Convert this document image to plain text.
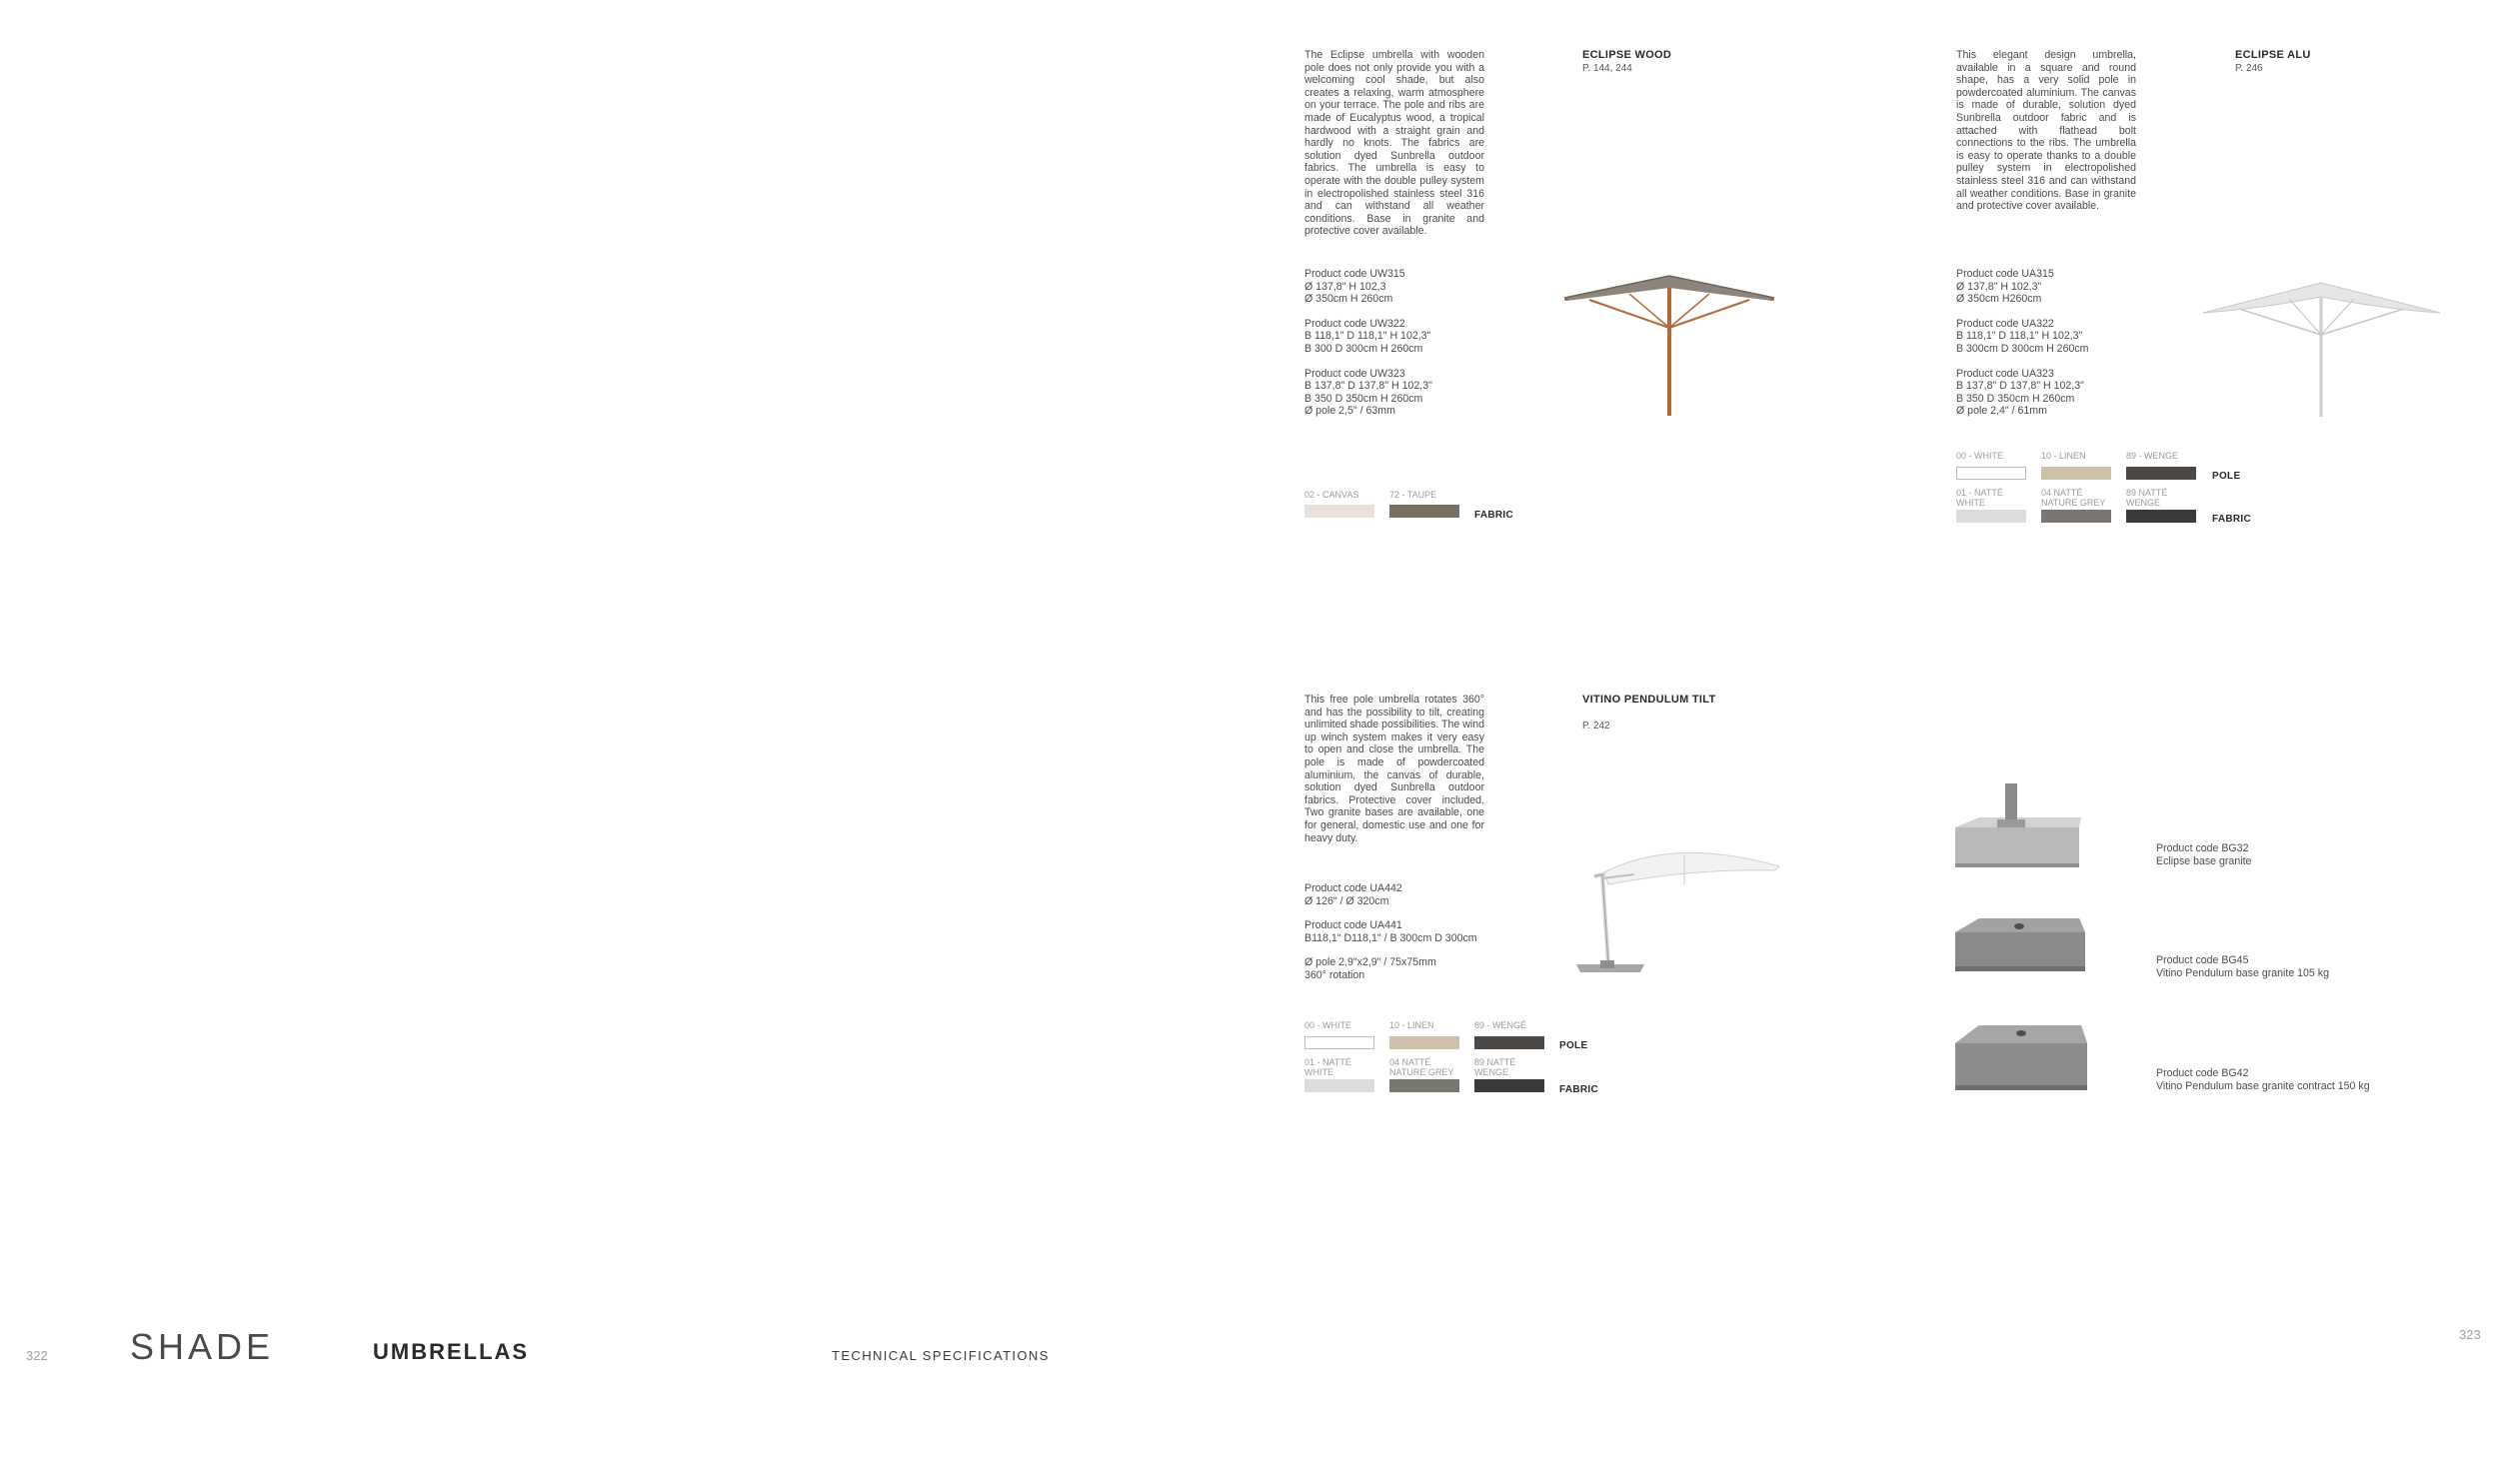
The Eclipse umbrella with wooden pole does not only provide you with a welcoming cool shade, but also creates a relaxing, warm atmosphere on your terrace. The pole and ribs are made of Eucalyptus wood, a tropical hardwood with a straight grain and hardly no knots. The fabrics are solution dyed Sunbrella outdoor fabrics. The umbrella is easy to operate with the double pulley system in electropolished stainless steel 316 and can withstand all weather conditions. Base in granite and protective cover available.
ECLIPSE WOOD
P. 144, 244
Product code UW315
Ø 137,8" H 102,3
Ø 350cm H 260cm
Product code UW322
B 118,1" D 118,1" H 102,3"
B 300 D 300cm H 260cm
Product code UW323
B 137,8" D 137,8" H 102,3"
B 350 D 350cm H 260cm
Ø pole 2,5" / 63mm
02 - CANVAS	72 - TAUPE
FABRIC
This elegant design umbrella, available in a square and round shape, has a very solid pole in powdercoated aluminium. The canvas is made of durable, solution dyed Sunbrella outdoor fabric and is attached with flathead bolt connections to the ribs. The umbrella is easy to operate thanks to a double pulley system in electropolished stainless steel 316 and can withstand all weather conditions. Base in granite and protective cover available.
ECLIPSE ALU
P. 246
Product code UA315
Ø 137,8" H 102,3"
Ø 350cm H260cm
Product code UA322
B 118,1" D 118,1" H 102,3"
B 300cm D 300cm H 260cm
Product code UA323
B 137,8" D 137,8" H 102,3"
B 350 D 350cm H 260cm
Ø pole 2,4" / 61mm
00 - WHITE	10 - LINEN	89 - WENGE
POLE
01 - NATTÉ
WHITE
04 NATTÉ
NATURE GREY
89 NATTÉ
WENGE
FABRIC
This free pole umbrella rotates 360° and has the possibility to tilt, creating unlimited shade possibilities. The wind up winch system makes it very easy to open and close the umbrella. The pole is made of powdercoated aluminium, the canvas of durable, solution dyed Sunbrella outdoor fabrics. Protective cover included. Two granite bases are available, one for general, domestic use and one for heavy duty.
VITINO PENDULUM TILT
P. 242
Product code UA442
Ø 126" / Ø 320cm
Product code UA441
B118,1" D118,1" / B 300cm D 300cm
Ø pole 2,9"x2,9" / 75x75mm
360° rotation
00 - WHITE	10 - LINEN	89 - WENGÉ
POLE
01 - NATTÉ
WHITE
04 NATTÉ
NATURE GREY
89 NATTÉ
WENGE
FABRIC
Product code BG32
Eclipse base granite
Product code BG45
Vitino Pendulum base granite 105 kg
Product code BG42
Vitino Pendulum base granite contract 150 kg
322 SHADE	UMBRELLAS	TECHNICAL SPECIFICATIONS
323
